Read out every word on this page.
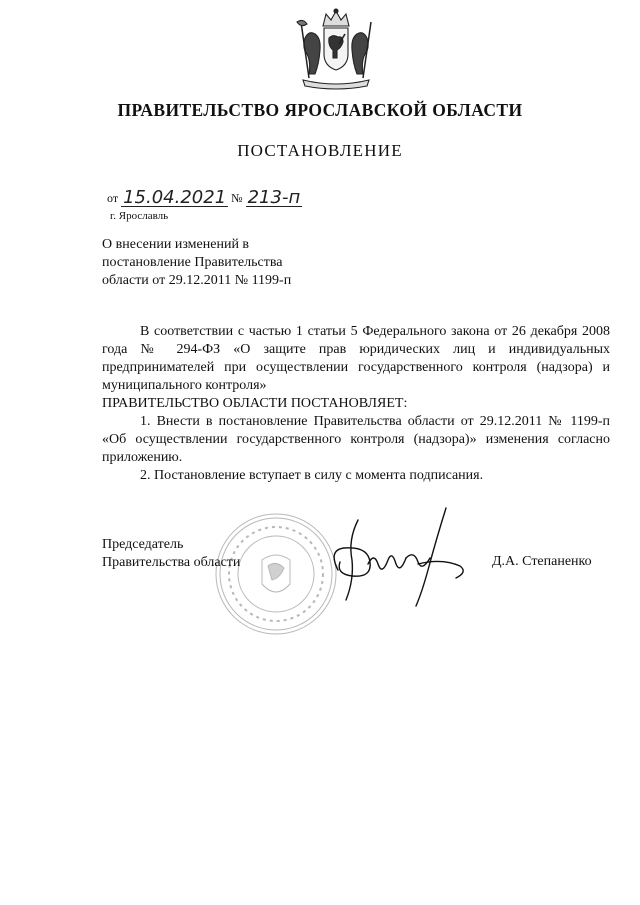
ПРАВИТЕЛЬСТВО ЯРОСЛАВСКОЙ ОБЛАСТИ
ПОСТАНОВЛЕНИЕ
от 15.04.2021 № 213-п
г. Ярославль
О внесении изменений в
постановление Правительства
области от 29.12.2011 № 1199-п

В соответствии с частью 1 статьи 5 Федерального закона от 26 декабря 2008 года № 294-ФЗ «О защите прав юридических лиц и индивидуальных предпринимателей при осуществлении государственного контроля (надзора) и муниципального контроля»

ПРАВИТЕЛЬСТВО ОБЛАСТИ ПОСТАНОВЛЯЕТ:

1. Внести в постановление Правительства области от 29.12.2011 № 1199-п «Об осуществлении государственного контроля (надзора)» изменения согласно приложению.

2. Постановление вступает в силу с момента подписания.

Председатель
Правительства области	Д.А. Степаненко
